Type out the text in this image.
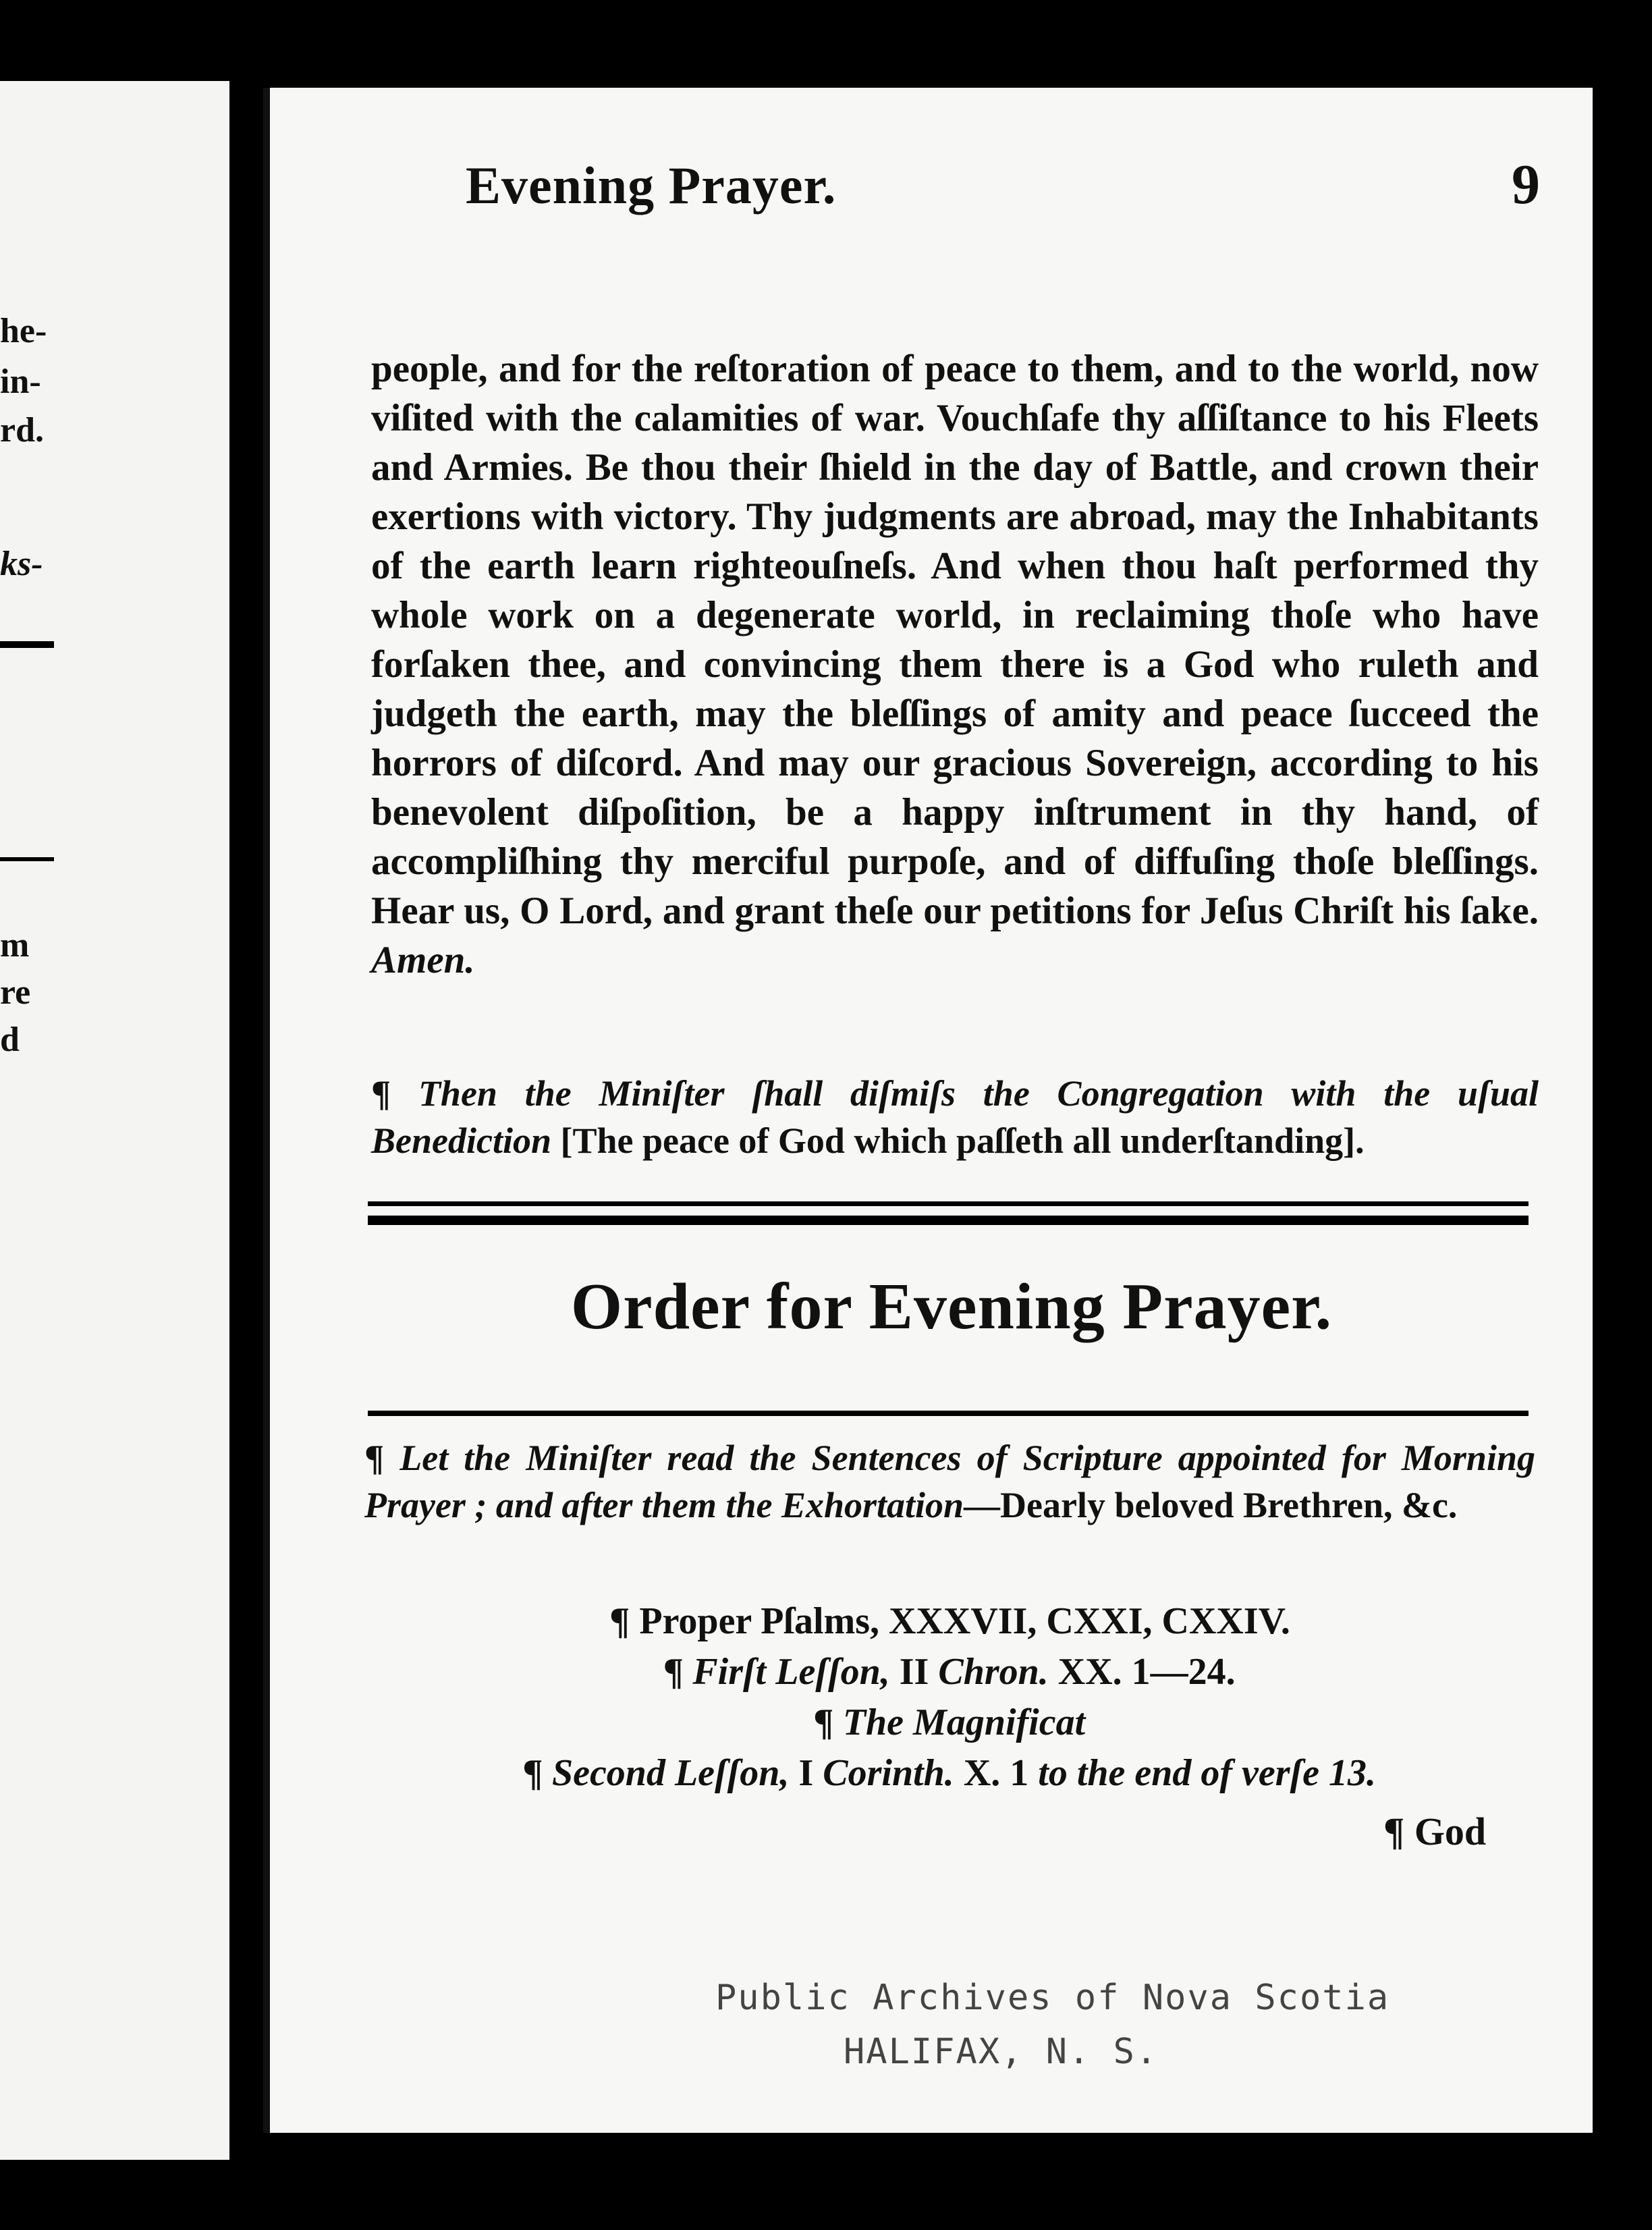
he-
in-
rd.
ks-
m
re
d
Evening Prayer.	9
people, and for the reſtoration of peace to them, and to the world, now viſited with the calamities of war. Vouchſafe thy aſſiſtance to his Fleets and Armies. Be thou their ſhield in the day of Battle, and crown their exertions with victory. Thy judgments are abroad, may the Inhabitants of the earth learn righteouſneſs. And when thou haſt performed thy whole work on a degenerate world, in reclaiming thoſe who have forſaken thee, and convincing them there is a God who ruleth and judgeth the earth, may the bleſſings of amity and peace ſucceed the horrors of diſcord. And may our gracious Sovereign, according to his benevolent diſpoſition, be a happy inſtrument in thy hand, of accompliſhing thy merciful purpoſe, and of diffuſing thoſe bleſſings. Hear us, O Lord, and grant theſe our petitions for Jeſus Chriſt his ſake. Amen.
¶ Then the Miniſter ſhall diſmiſs the Congregation with the uſual Benediction [The peace of God which paſſeth all underſtanding].
Order for Evening Prayer.
¶ Let the Miniſter read the Sentences of Scripture appointed for Morning Prayer ; and after them the Exhortation—Dearly beloved Brethren, &c.
¶ Proper Pſalms, XXXVII, CXXI, CXXIV.
¶ Firſt Leſſon, II Chron. XX. 1—24.
¶ The Magnificat
¶ Second Leſſon, I Corinth. X. 1 to the end of verſe 13.
¶ God
Public Archives of Nova Scotia
HALIFAX, N. S.
